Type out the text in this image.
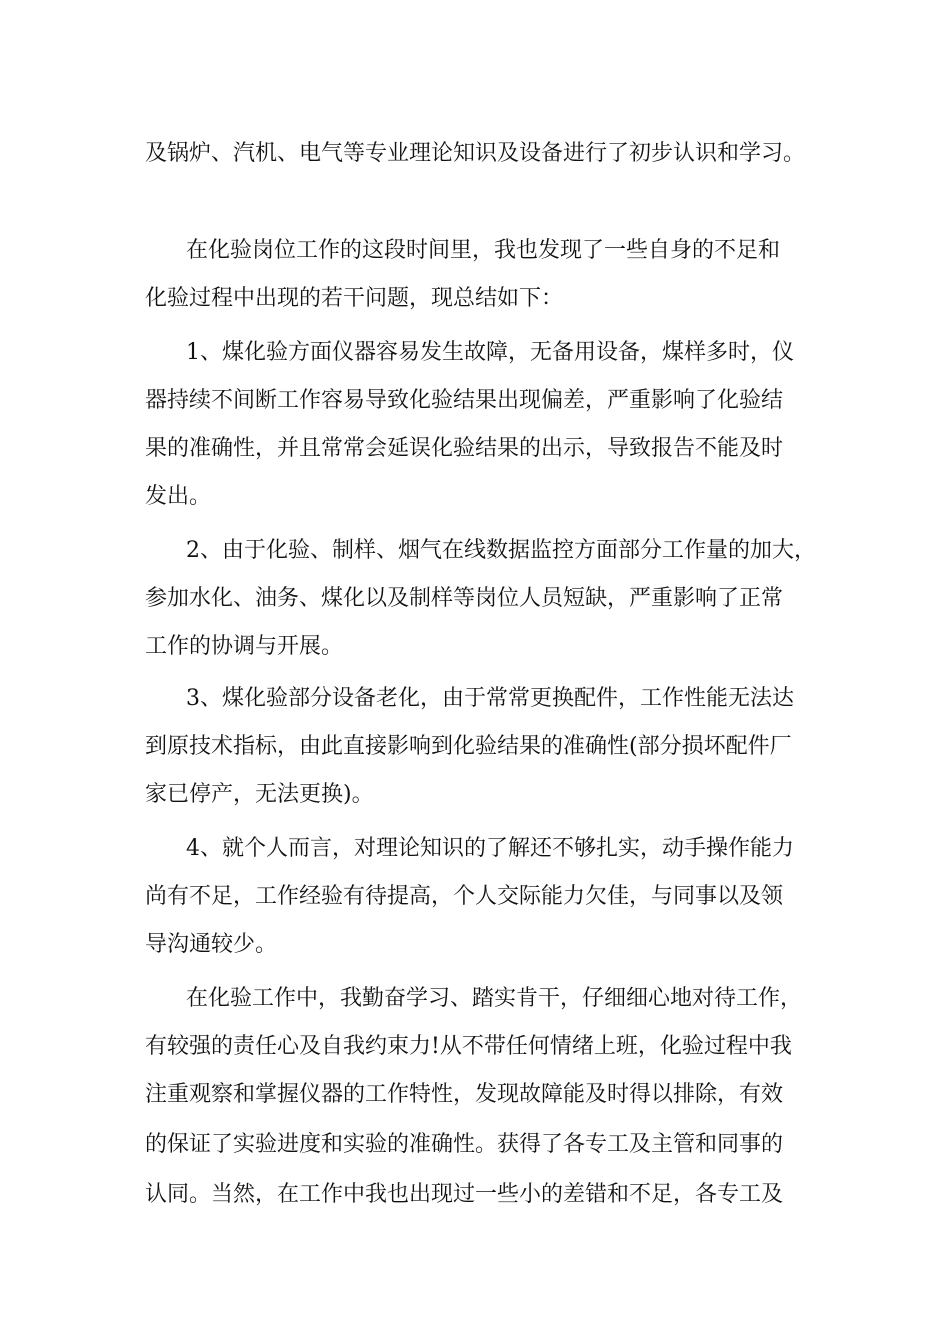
及锅炉、汽机、电气等专业理论知识及设备进行了初步认识和学习。

在化验岗位工作的这段时间里，我也发现了一些自身的不足和

化验过程中出现的若干问题，现总结如下：

1、煤化验方面仪器容易发生故障，无备用设备，煤样多时，仪

器持续不间断工作容易导致化验结果出现偏差，严重影响了化验结

果的准确性，并且常常会延误化验结果的出示，导致报告不能及时

发出。

2、由于化验、制样、烟气在线数据监控方面部分工作量的加大，

参加水化、油务、煤化以及制样等岗位人员短缺，严重影响了正常

工作的协调与开展。

3、煤化验部分设备老化，由于常常更换配件，工作性能无法达

到原技术指标，由此直接影响到化验结果的准确性(部分损坏配件厂

家已停产，无法更换)。

4、就个人而言，对理论知识的了解还不够扎实，动手操作能力

尚有不足，工作经验有待提高，个人交际能力欠佳，与同事以及领

导沟通较少。

在化验工作中，我勤奋学习、踏实肯干，仔细细心地对待工作，

有较强的责任心及自我约束力!从不带任何情绪上班，化验过程中我

注重观察和掌握仪器的工作特性，发现故障能及时得以排除，有效

的保证了实验进度和实验的准确性。获得了各专工及主管和同事的

认同。当然，在工作中我也出现过一些小的差错和不足，各专工及
